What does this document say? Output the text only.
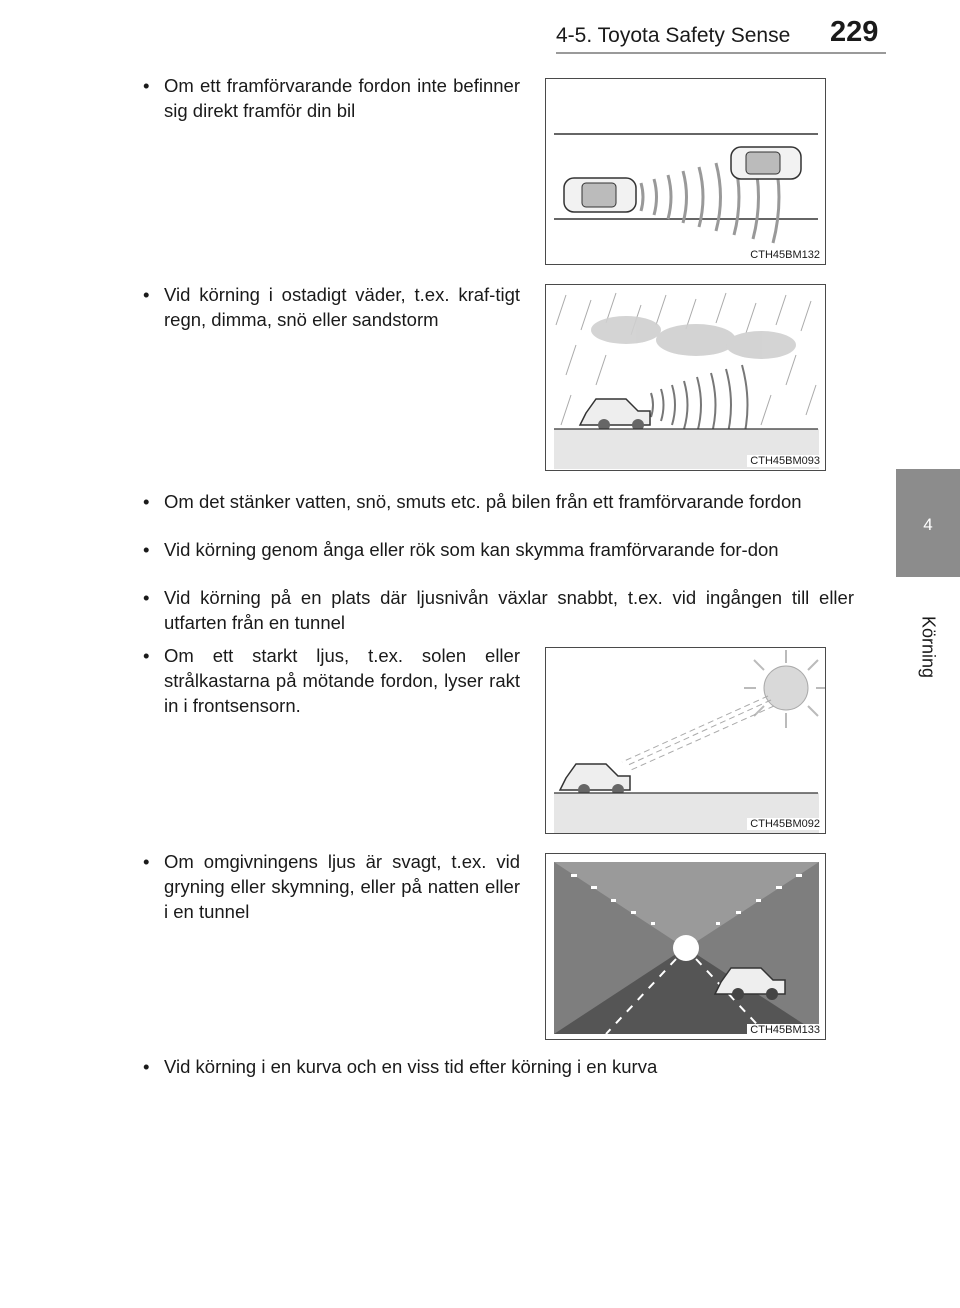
4-5. Toyota Safety Sense 229
4
Körning
• Om ett framförvarande fordon inte befinner sig direkt framför din bil
CTH45BM132
• Vid körning i ostadigt väder, t.ex. kraf-tigt regn, dimma, snö eller sandstorm
CTH45BM093
• Om det stänker vatten, snö, smuts etc. på bilen från ett framförvarande fordon
• Vid körning genom ånga eller rök som kan skymma framförvarande for-don
• Vid körning på en plats där ljusnivån växlar snabbt, t.ex. vid ingången till eller utfarten från en tunnel
• Om ett starkt ljus, t.ex. solen eller strålkastarna på mötande fordon, lyser rakt in i frontsensorn.
CTH45BM092
• Om omgivningens ljus är svagt, t.ex. vid gryning eller skymning, eller på natten eller i en tunnel
CTH45BM133
• Vid körning i en kurva och en viss tid efter körning i en kurva
